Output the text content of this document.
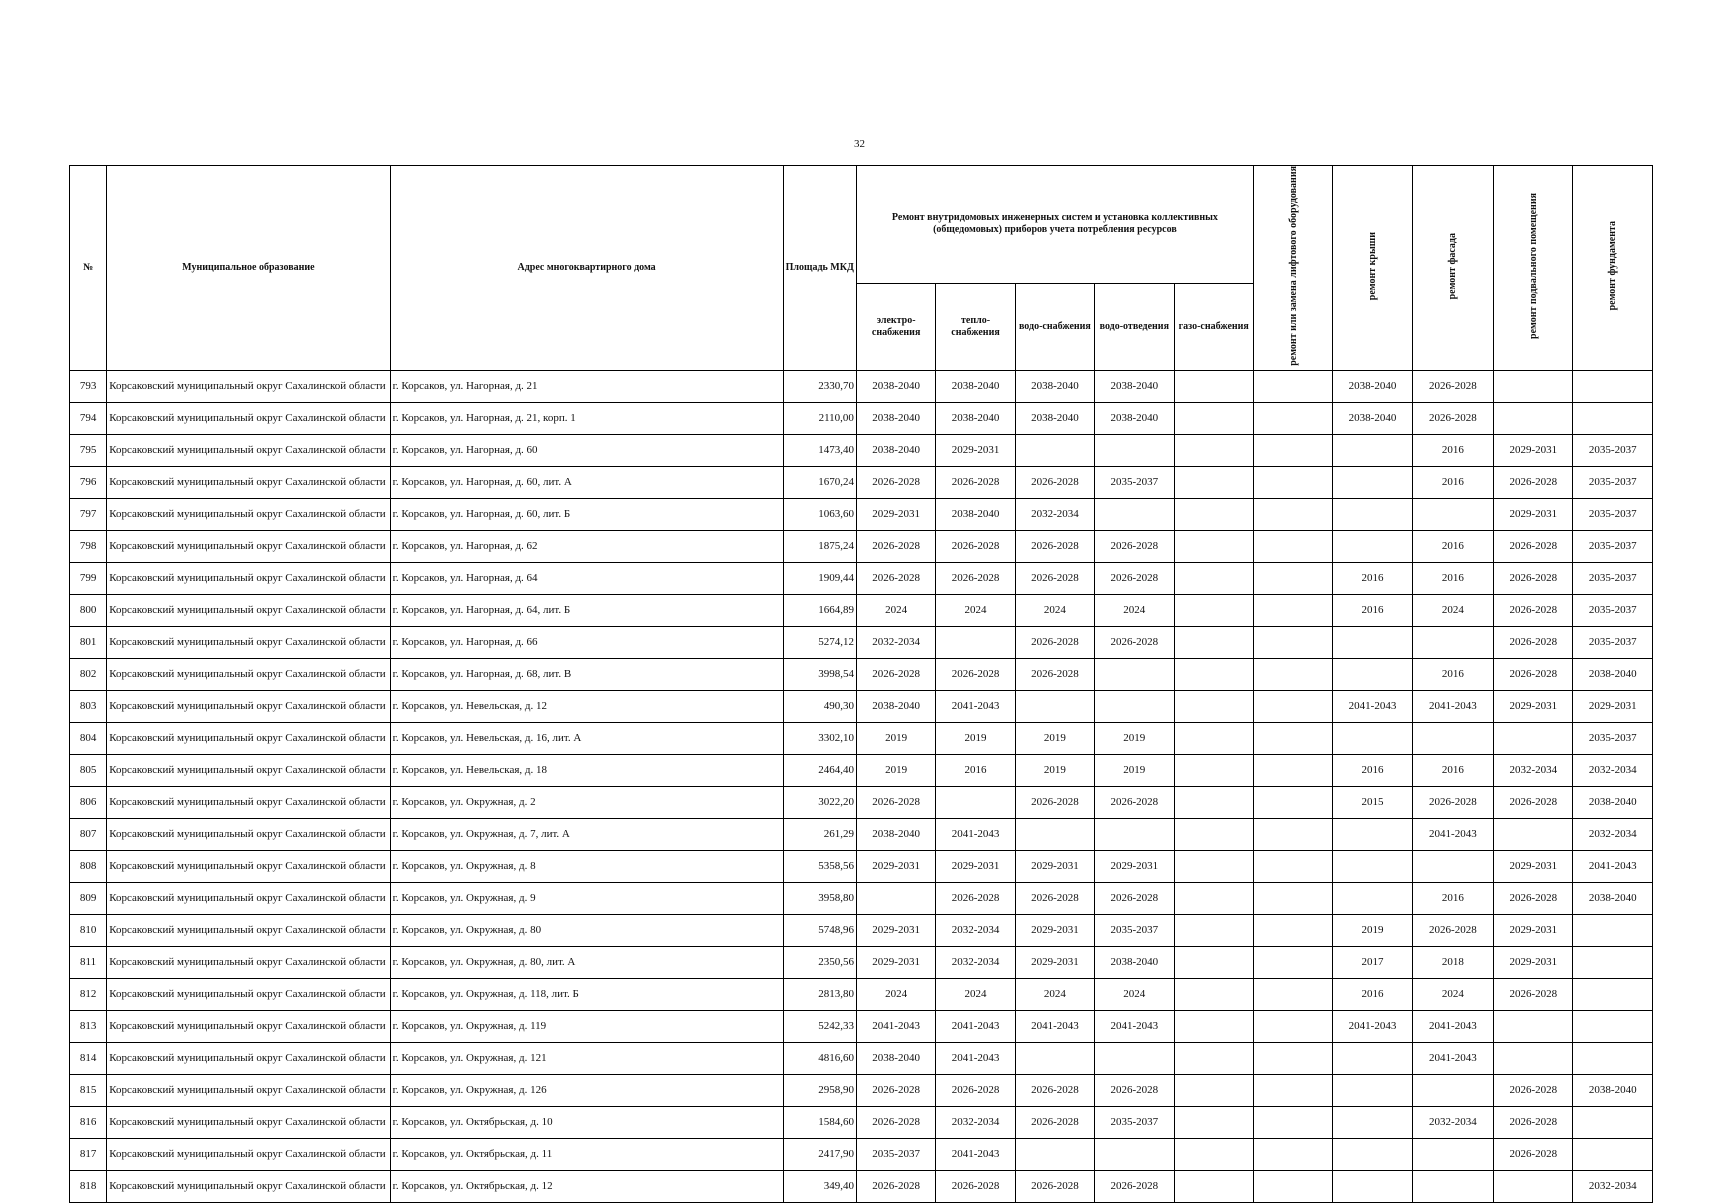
32
№	Муниципальное образование	Адрес многоквартирного дома	Площадь МКД	Ремонт внутридомовых инженерных систем и установка коллективных (общедомовых) приборов учета потребления ресурсов					ремонт или замена лифтового оборудования	ремонт крыши	ремонт фасада	ремонт подвального помещения	ремонт фундамента
				электро-снабжения	тепло-снабжения	водо-снабжения	водо-отведения	газо-снабжения					
793	Корсаковский муниципальный округ Сахалинской области	г. Корсаков, ул. Нагорная, д. 21	2330,70	2038-2040	2038-2040	2038-2040	2038-2040			2038-2040	2026-2028		
794	Корсаковский муниципальный округ Сахалинской области	г. Корсаков, ул. Нагорная, д. 21, корп. 1	2110,00	2038-2040	2038-2040	2038-2040	2038-2040			2038-2040	2026-2028		
795	Корсаковский муниципальный округ Сахалинской области	г. Корсаков, ул. Нагорная, д. 60	1473,40	2038-2040	2029-2031						2016	2029-2031	2035-2037
796	Корсаковский муниципальный округ Сахалинской области	г. Корсаков, ул. Нагорная, д. 60, лит. А	1670,24	2026-2028	2026-2028	2026-2028	2035-2037				2016	2026-2028	2035-2037
797	Корсаковский муниципальный округ Сахалинской области	г. Корсаков, ул. Нагорная, д. 60, лит. Б	1063,60	2029-2031	2038-2040	2032-2034						2029-2031	2035-2037
798	Корсаковский муниципальный округ Сахалинской области	г. Корсаков, ул. Нагорная, д. 62	1875,24	2026-2028	2026-2028	2026-2028	2026-2028				2016	2026-2028	2035-2037
799	Корсаковский муниципальный округ Сахалинской области	г. Корсаков, ул. Нагорная, д. 64	1909,44	2026-2028	2026-2028	2026-2028	2026-2028			2016	2016	2026-2028	2035-2037
800	Корсаковский муниципальный округ Сахалинской области	г. Корсаков, ул. Нагорная, д. 64, лит. Б	1664,89	2024	2024	2024	2024			2016	2024	2026-2028	2035-2037
801	Корсаковский муниципальный округ Сахалинской области	г. Корсаков, ул. Нагорная, д. 66	5274,12	2032-2034		2026-2028	2026-2028					2026-2028	2035-2037
802	Корсаковский муниципальный округ Сахалинской области	г. Корсаков, ул. Нагорная, д. 68, лит. В	3998,54	2026-2028	2026-2028	2026-2028					2016	2026-2028	2038-2040
803	Корсаковский муниципальный округ Сахалинской области	г. Корсаков, ул. Невельская, д. 12	490,30	2038-2040	2041-2043					2041-2043	2041-2043	2029-2031	2029-2031
804	Корсаковский муниципальный округ Сахалинской области	г. Корсаков, ул. Невельская, д. 16, лит. А	3302,10	2019	2019	2019	2019						2035-2037
805	Корсаковский муниципальный округ Сахалинской области	г. Корсаков, ул. Невельская, д. 18	2464,40	2019	2016	2019	2019			2016	2016	2032-2034	2032-2034
806	Корсаковский муниципальный округ Сахалинской области	г. Корсаков, ул. Окружная, д. 2	3022,20	2026-2028		2026-2028	2026-2028			2015	2026-2028	2026-2028	2038-2040
807	Корсаковский муниципальный округ Сахалинской области	г. Корсаков, ул. Окружная, д. 7, лит. А	261,29	2038-2040	2041-2043						2041-2043		2032-2034
808	Корсаковский муниципальный округ Сахалинской области	г. Корсаков, ул. Окружная, д. 8	5358,56	2029-2031	2029-2031	2029-2031	2029-2031					2029-2031	2041-2043
809	Корсаковский муниципальный округ Сахалинской области	г. Корсаков, ул. Окружная, д. 9	3958,80		2026-2028	2026-2028	2026-2028				2016	2026-2028	2038-2040
810	Корсаковский муниципальный округ Сахалинской области	г. Корсаков, ул. Окружная, д. 80	5748,96	2029-2031	2032-2034	2029-2031	2035-2037			2019	2026-2028	2029-2031	
811	Корсаковский муниципальный округ Сахалинской области	г. Корсаков, ул. Окружная, д. 80, лит. А	2350,56	2029-2031	2032-2034	2029-2031	2038-2040			2017	2018	2029-2031	
812	Корсаковский муниципальный округ Сахалинской области	г. Корсаков, ул. Окружная, д. 118, лит. Б	2813,80	2024	2024	2024	2024			2016	2024	2026-2028	
813	Корсаковский муниципальный округ Сахалинской области	г. Корсаков, ул. Окружная, д. 119	5242,33	2041-2043	2041-2043	2041-2043	2041-2043			2041-2043	2041-2043		
814	Корсаковский муниципальный округ Сахалинской области	г. Корсаков, ул. Окружная, д. 121	4816,60	2038-2040	2041-2043						2041-2043		
815	Корсаковский муниципальный округ Сахалинской области	г. Корсаков, ул. Окружная, д. 126	2958,90	2026-2028	2026-2028	2026-2028	2026-2028					2026-2028	2038-2040
816	Корсаковский муниципальный округ Сахалинской области	г. Корсаков, ул. Октябрьская, д. 10	1584,60	2026-2028	2032-2034	2026-2028	2035-2037				2032-2034	2026-2028	
817	Корсаковский муниципальный округ Сахалинской области	г. Корсаков, ул. Октябрьская, д. 11	2417,90	2035-2037	2041-2043							2026-2028	
818	Корсаковский муниципальный округ Сахалинской области	г. Корсаков, ул. Октябрьская, д. 12	349,40	2026-2028	2026-2028	2026-2028	2026-2028						2032-2034
